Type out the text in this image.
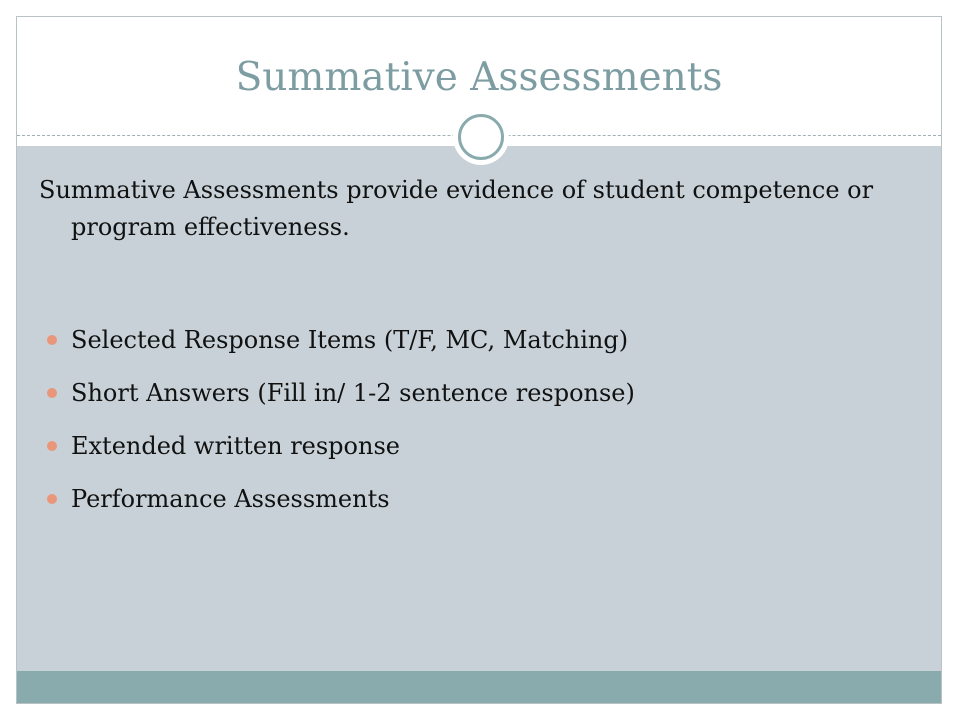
Summative Assessments

Summative Assessments provide evidence of student competence or program effectiveness.

Selected Response Items (T/F, MC, Matching)
Short Answers (Fill in/ 1-2 sentence response)
Extended written response
Performance Assessments
